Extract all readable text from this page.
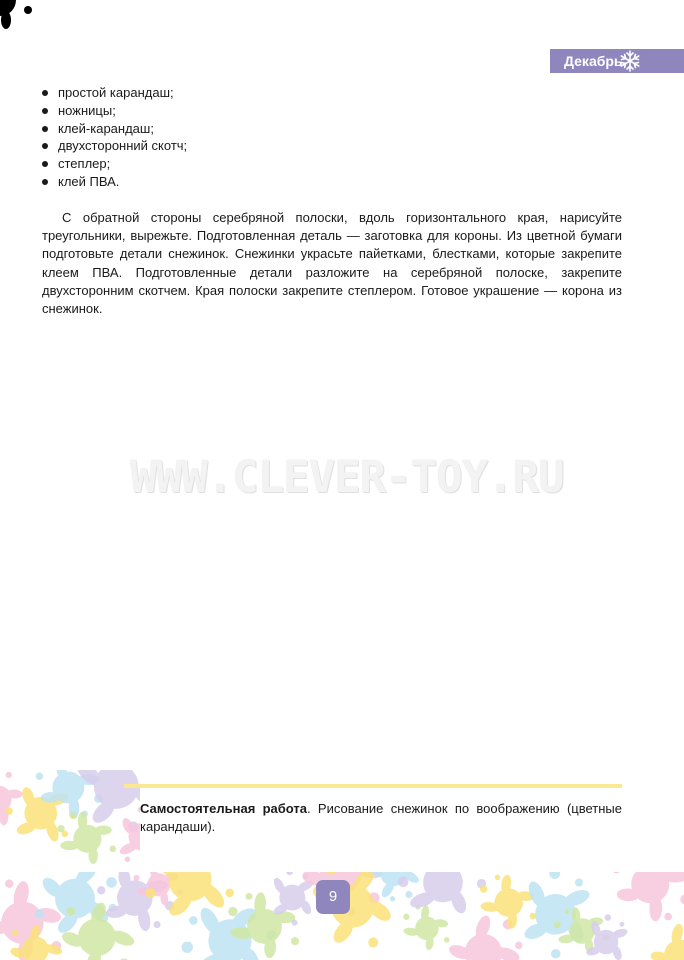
Декабрь
простой карандаш;
ножницы;
клей-карандаш;
двухсторонний скотч;
степлер;
клей ПВА.

С обратной стороны серебряной полоски, вдоль горизонтального края, нарисуйте треугольники, вырежьте. Подготовленная деталь — заготовка для короны. Из цветной бумаги подготовьте детали снежинок. Снежинки украсьте пайетками, блестками, которые закрепите клеем ПВА. Подготовленные детали разложите на серебряной полоске, закрепите двухсторонним скотчем. Края полоски закрепите степлером. Готовое украшение — корона из снежинок.

WWW.CLEVER-TOY.RU

Самостоятельная работа. Рисование снежинок по воображению (цветные карандаши).

9
